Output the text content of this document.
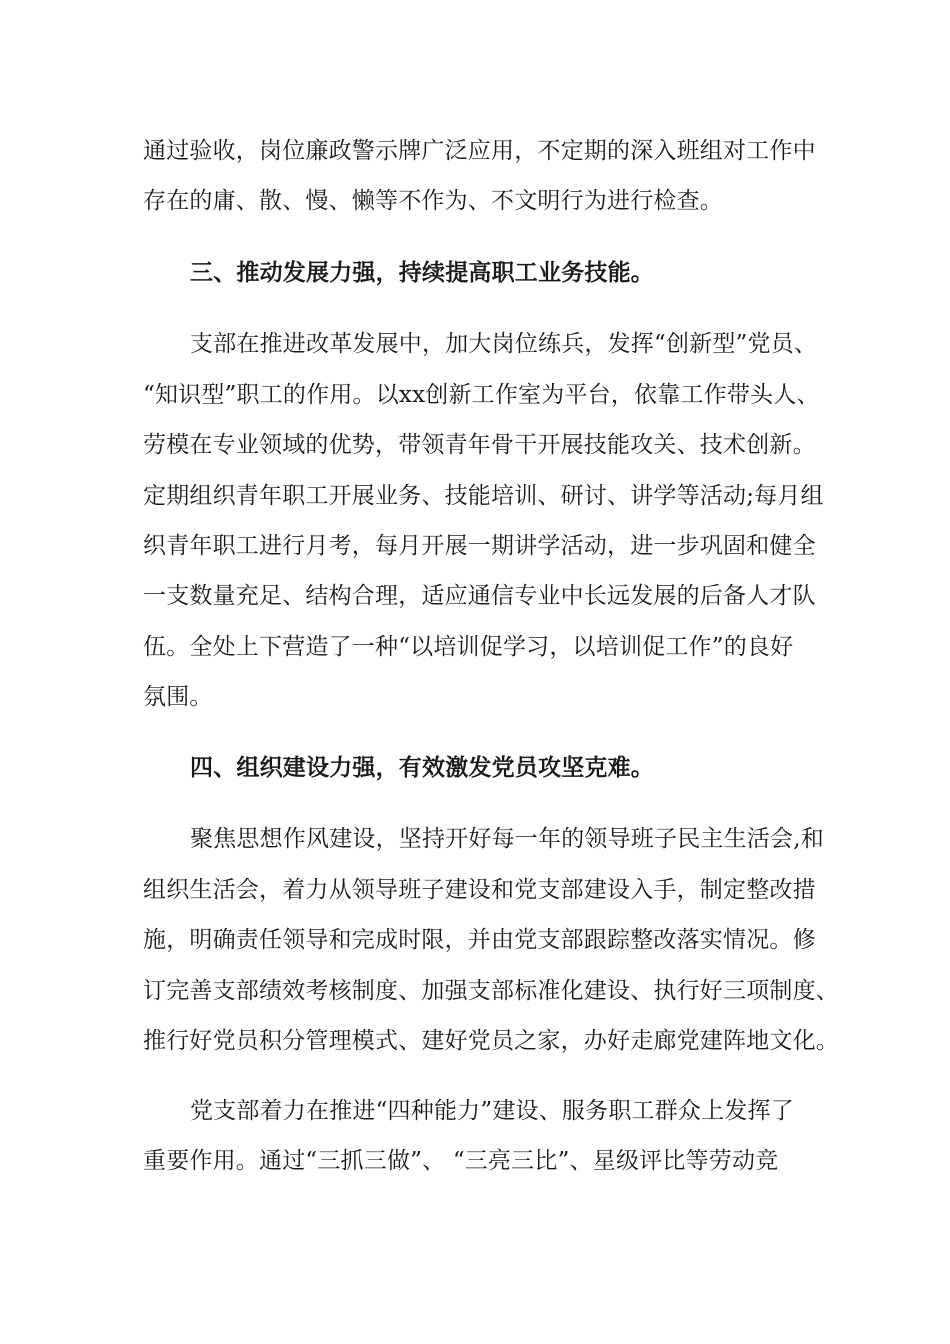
通过验收，岗位廉政警示牌广泛应用，不定期的深入班组对工作中
存在的庸、散、慢、懒等不作为、不文明行为进行检查。
三、推动发展力强，持续提高职工业务技能。
支部在推进改革发展中，加大岗位练兵，发挥“创新型”党员、
“知识型”职工的作用。以xx创新工作室为平台，依靠工作带头人、
劳模在专业领域的优势，带领青年骨干开展技能攻关、技术创新。
定期组织青年职工开展业务、技能培训、研讨、讲学等活动;每月组
织青年职工进行月考，每月开展一期讲学活动，进一步巩固和健全
一支数量充足、结构合理，适应通信专业中长远发展的后备人才队
伍。全处上下营造了一种“以培训促学习，以培训促工作”的良好
氛围。
四、组织建设力强，有效激发党员攻坚克难。
聚焦思想作风建设，坚持开好每一年的领导班子民主生活会,和
组织生活会，着力从领导班子建设和党支部建设入手，制定整改措
施，明确责任领导和完成时限，并由党支部跟踪整改落实情况。修
订完善支部绩效考核制度、加强支部标准化建设、执行好三项制度、
推行好党员积分管理模式、建好党员之家，办好走廊党建阵地文化。
党支部着力在推进“四种能力”建设、服务职工群众上发挥了
重要作用。通过“三抓三做”、 “三亮三比”、星级评比等劳动竞
